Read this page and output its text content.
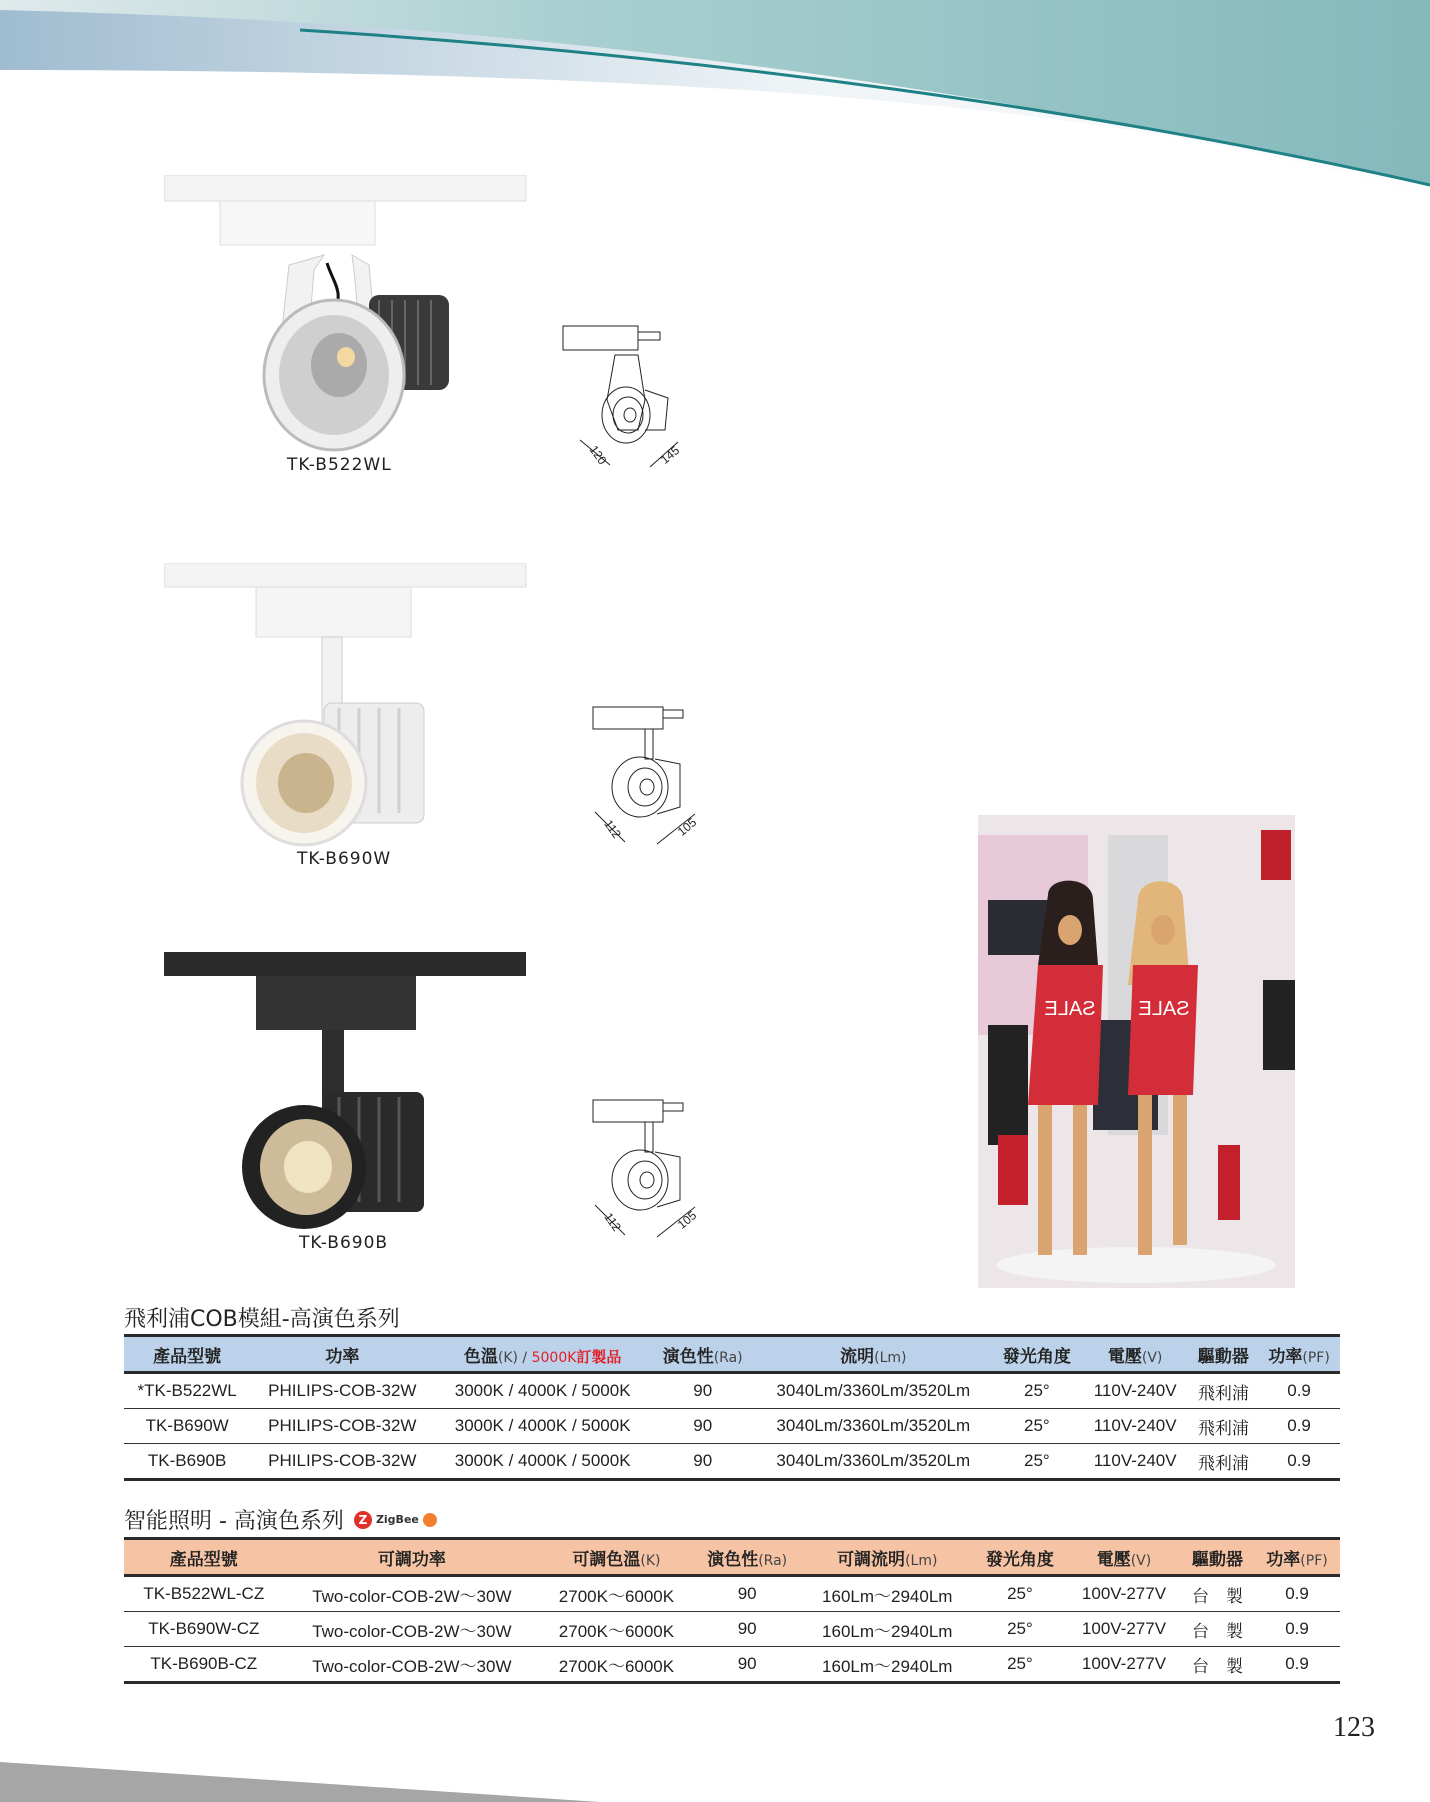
TK-B522WL	120	145
TK-B690W
112	105
TK-B690B
112	105
SALE SALE
飛利浦COB模組-高演色系列
產品型號	功率	色溫(K) / 5000K訂製品	演色性(Ra)	流明(Lm)	發光角度	電壓(V)	驅動器	功率(PF)
*TK-B522WL	PHILIPS-COB-32W	3000K / 4000K / 5000K	90	3040Lm/3360Lm/3520Lm	25°	110V-240V	飛利浦	0.9
TK-B690W	PHILIPS-COB-32W	3000K / 4000K / 5000K	90	3040Lm/3360Lm/3520Lm	25°	110V-240V	飛利浦	0.9
TK-B690B	PHILIPS-COB-32W	3000K / 4000K / 5000K	90	3040Lm/3360Lm/3520Lm	25°	110V-240V	飛利浦	0.9
智能照明 - 高演色系列	Z ZigBee
產品型號	可調功率	可調色溫(K)	演色性(Ra)	可調流明(Lm)	發光角度	電壓(V)	驅動器	功率(PF)
TK-B522WL-CZ	Two-color-COB-2W～30W	2700K～6000K	90	160Lm～2940Lm	25°	100V-277V	台　製	0.9
TK-B690W-CZ	Two-color-COB-2W～30W	2700K～6000K	90	160Lm～2940Lm	25°	100V-277V	台　製	0.9
TK-B690B-CZ	Two-color-COB-2W～30W	2700K～6000K	90	160Lm～2940Lm	25°	100V-277V	台　製	0.9
123
